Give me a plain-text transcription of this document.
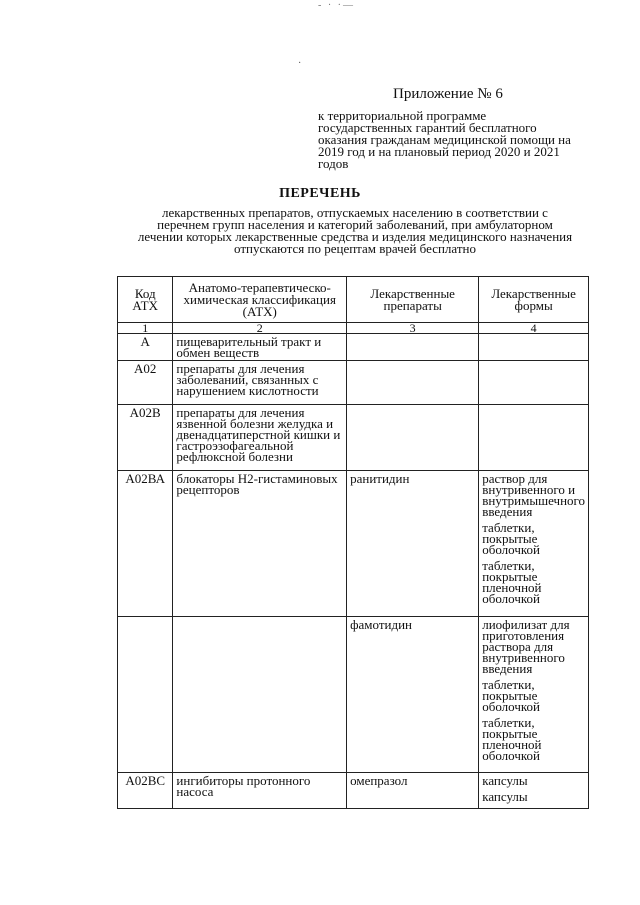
- · ·—
·
Приложение № 6
к территориальной программе государственных гарантий бесплатного оказания гражданам медицинской помощи на 2019 год и на плановый период 2020 и 2021 годов
ПЕРЕЧЕНЬ
лекарственных препаратов, отпускаемых населению в соответствии с перечнем групп населения и категорий заболеваний, при амбулаторном лечении которых лекарственные средства и изделия медицинского назначения отпускаются по рецептам врачей бесплатно
Код АТХ	Анатомо-терапевтическо-химическая классификация (АТХ)	Лекарственные препараты	Лекарственные формы
1	2	3	4
А	пищеварительный тракт и обмен веществ		
А02	препараты для лечения заболеваний, связанных с нарушением кислотности		
А02В	препараты для лечения язвенной болезни желудка и двенадцатиперстной кишки и гастроэзофагеальной рефлюксной болезни		
А02ВА	блокаторы Н2-гистаминовых рецепторов	ранитидин	раствор для внутривенного и внутримышечного введения
таблетки, покрытые оболочкой
таблетки, покрытые пленочной оболочкой

		фамотидин	лиофилизат для приготовления раствора для внутривенного введения
таблетки, покрытые оболочкой
таблетки, покрытые пленочной оболочкой

А02ВС	ингибиторы протонного насоса	омепразол	капсулы
капсулы
